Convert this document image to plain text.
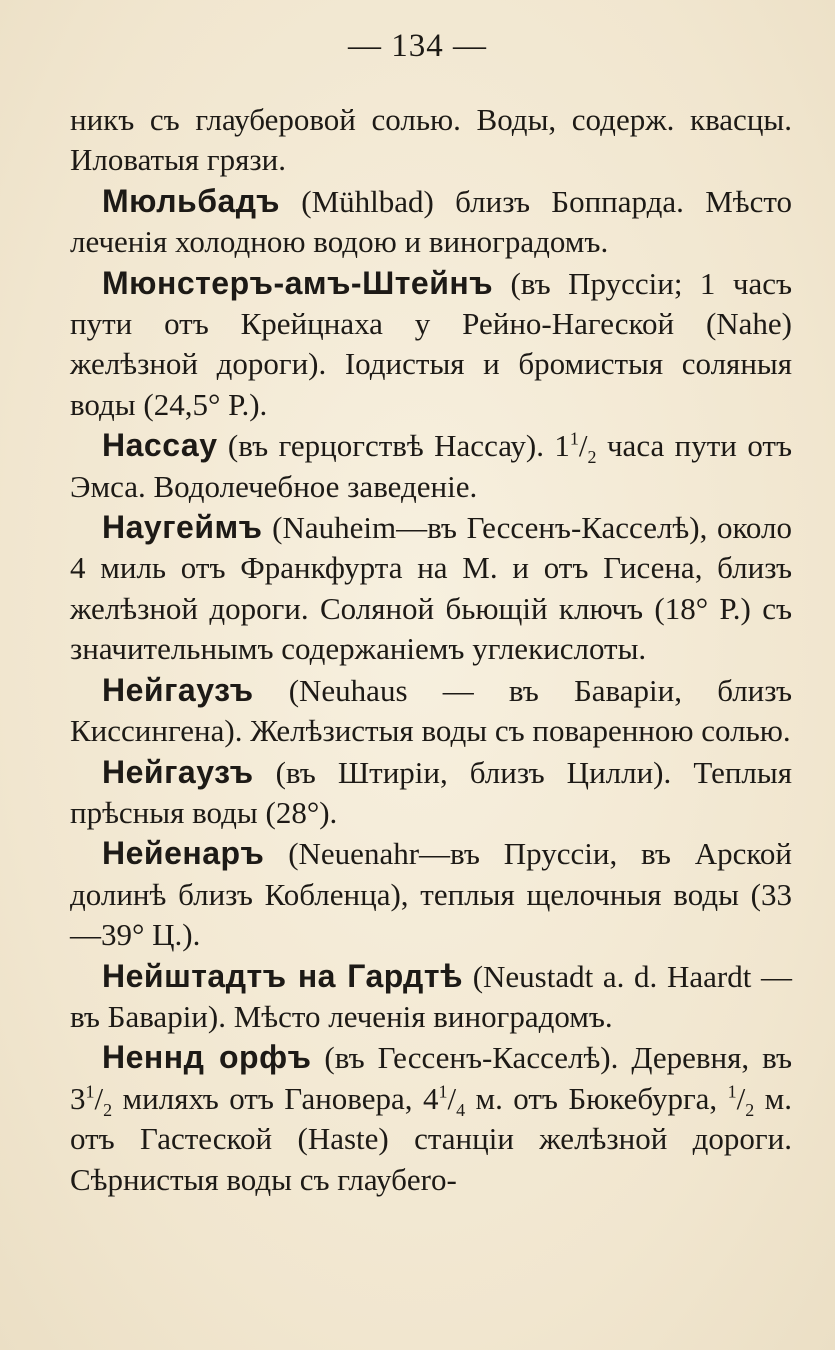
— 134 —

никъ съ глауберовой солью. Воды, содерж. квасцы. Иловатыя грязи.

Мюльбадъ (Mühlbad) близъ Боппарда. Мѣсто леченія холодною водою и виноградомъ.

Мюнстеръ-амъ-Штейнъ (въ Пруссіи; 1 часъ пути отъ Крейцнаха у Рейно-Нагеской (Nahe) желѣзной дороги). Іодистыя и бромистыя соляныя воды (24,5° Р.).

Нассау (въ герцогствѣ Нассау). $1^1/_2$ часа пути отъ Эмса. Водолечебное заведеніе.

Наугеймъ (Nauheim—въ Гессенъ-Касселѣ), около 4 миль отъ Франкфурта на М. и отъ Гисена, близъ желѣзной дороги. Соляной бьющій ключъ (18° Р.) съ значительнымъ содержаніемъ углекислоты.

Нейгаузъ (Neuhaus — въ Баваріи, близъ Киссингена). Желѣзистыя воды съ поваренною солью.

Нейгаузъ (въ Штиріи, близъ Цилли). Теплыя прѣсныя воды (28°).

Нейенаръ (Neuenahr—въ Пруссіи, въ Арской долинѣ близъ Кобленца), теплыя щелочныя воды (33—39° Ц.).

Нейштадтъ на Гардтѣ (Neustadt a. d. Haardt — въ Баваріи). Мѣсто леченія виноградомъ.

Неннд орфъ (въ Гессенъ-Касселѣ). Деревня, въ $3^1/_2$ миляхъ отъ Гановера, $4^1/_4$ м. отъ Бюкебурга, $^1/_2$ м. отъ Гастеской (Haste) станціи желѣзной дороги. Сѣрнистыя воды съ глаубero-
